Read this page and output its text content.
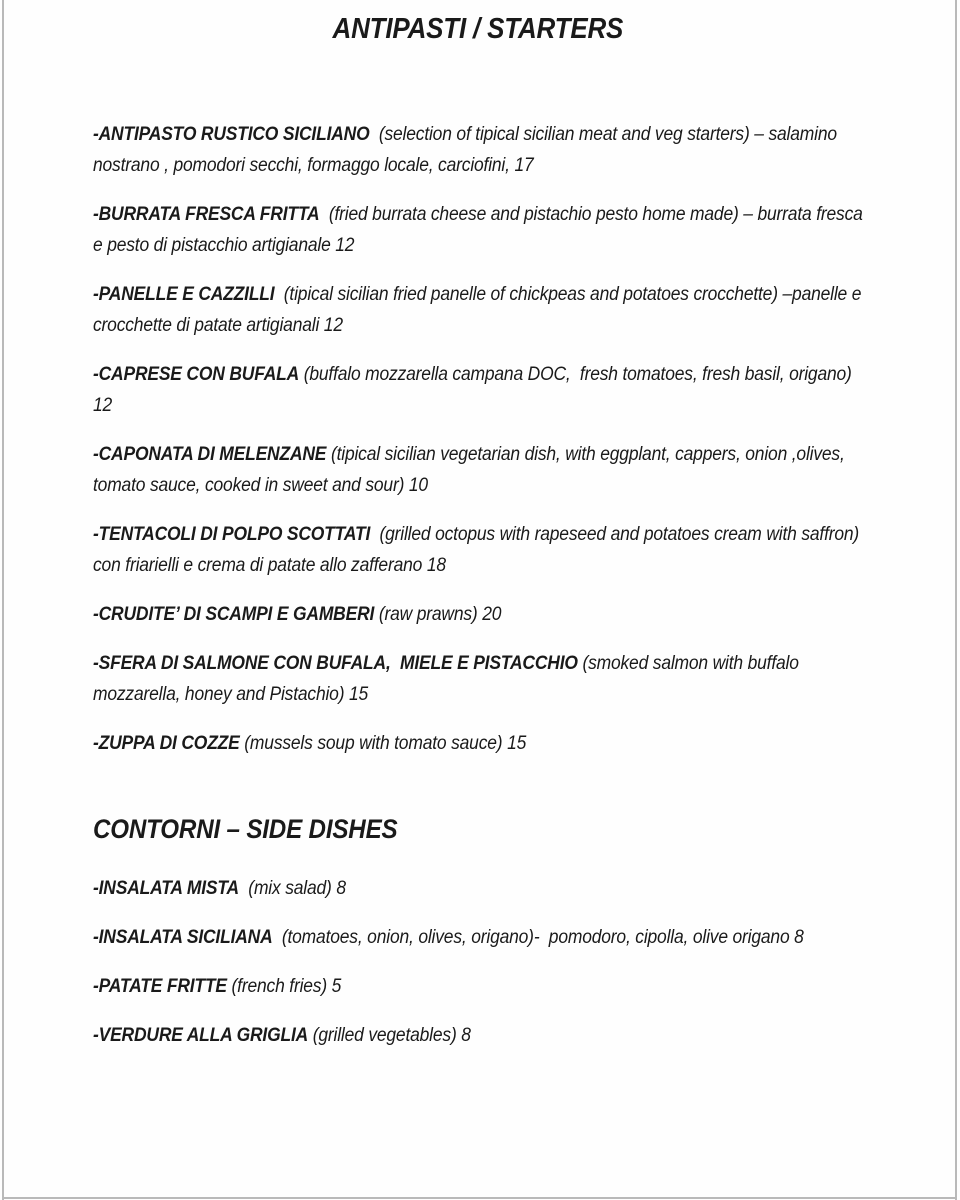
ANTIPASTI / STARTERS

-ANTIPASTO RUSTICO SICILIANO  (selection of tipical sicilian meat and veg starters) – salamino nostrano , pomodori secchi, formaggo locale, carciofini, 17

-BURRATA FRESCA FRITTA  (fried burrata cheese and pistachio pesto home made) – burrata fresca e pesto di pistacchio artigianale 12

-PANELLE E CAZZILLI  (tipical sicilian fried panelle of chickpeas and potatoes crocchette) –panelle e crocchette di patate artigianali 12

-CAPRESE CON BUFALA (buffalo mozzarella campana DOC,  fresh tomatoes, fresh basil, origano) 12

-CAPONATA DI MELENZANE (tipical sicilian vegetarian dish, with eggplant, cappers, onion ,olives, tomato sauce, cooked in sweet and sour) 10

-TENTACOLI DI POLPO SCOTTATI  (grilled octopus with rapeseed and potatoes cream with saffron) con friarielli e crema di patate allo zafferano 18

-CRUDITE’ DI SCAMPI E GAMBERI (raw prawns) 20

-SFERA DI SALMONE CON BUFALA,  MIELE E PISTACCHIO (smoked salmon with buffalo mozzarella, honey and Pistachio) 15

-ZUPPA DI COZZE (mussels soup with tomato sauce) 15

CONTORNI – SIDE DISHES

-INSALATA MISTA  (mix salad) 8

-INSALATA SICILIANA  (tomatoes, onion, olives, origano)-  pomodoro, cipolla, olive origano 8

-PATATE FRITTE (french fries) 5

-VERDURE ALLA GRIGLIA (grilled vegetables) 8
